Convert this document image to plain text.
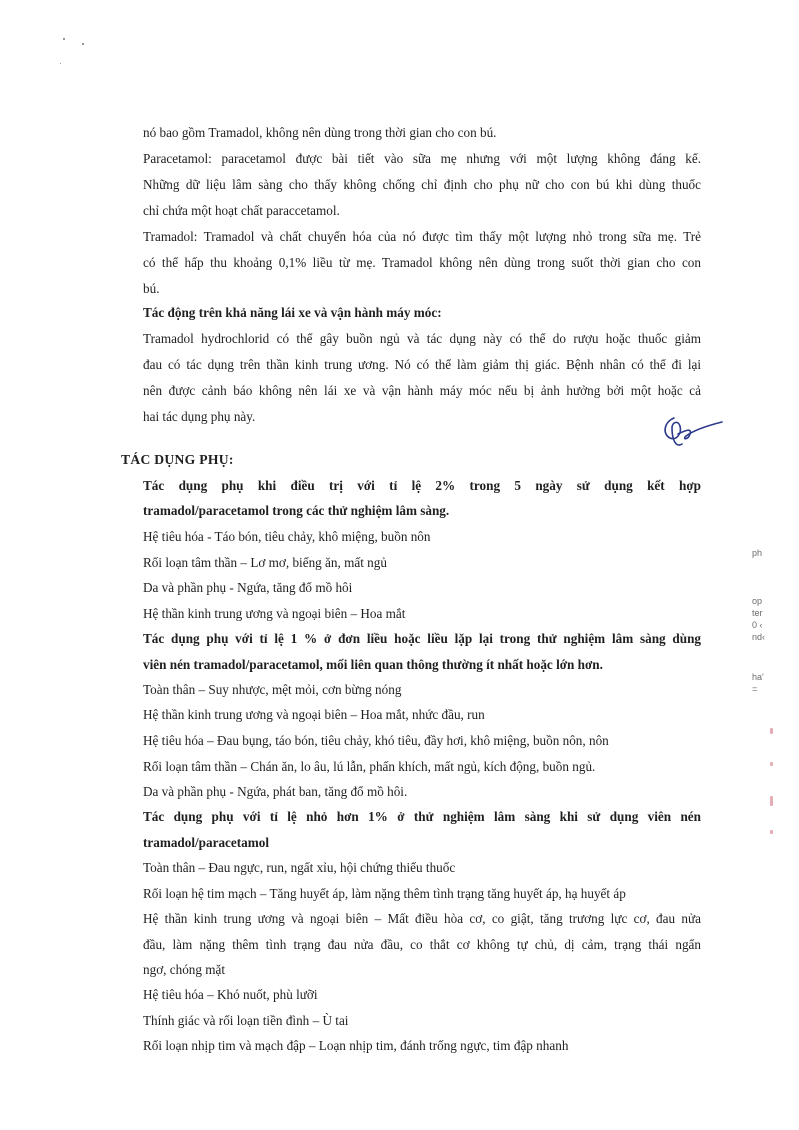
nó bao gồm Tramadol, không nên dùng trong thời gian cho con bú.
Paracetamol: paracetamol được bài tiết vào sữa mẹ nhưng với một lượng không đáng kể.
Những dữ liệu lâm sàng cho thấy không chống chỉ định cho phụ nữ cho con bú khi dùng thuốc
chỉ chứa một hoạt chất paraccetamol.
Tramadol: Tramadol và chất chuyển hóa của nó được tìm thấy một lượng nhỏ trong sữa mẹ. Trẻ
có thể hấp thu khoảng 0,1% liều từ mẹ. Tramadol không nên dùng trong suốt thời gian cho con
bú.
Tác động trên khả năng lái xe và vận hành máy móc:
Tramadol hydrochlorid có thể gây buồn ngủ và tác dụng này có thể do rượu hoặc thuốc giảm
đau có tác dụng trên thần kinh trung ương. Nó có thể làm giảm thị giác. Bệnh nhân có thể đi lại
nên được cảnh báo không nên lái xe và vận hành máy móc nếu bị ảnh hưởng bởi một hoặc cả
hai tác dụng phụ này.
TÁC DỤNG PHỤ:
Tác dụng phụ khi điều trị với tỉ lệ 2% trong 5 ngày sử dụng kết hợp
tramadol/paracetamol trong các thử nghiệm lâm sàng.
Hệ tiêu hóa - Táo bón, tiêu chảy, khô miệng, buồn nôn
Rối loạn tâm thần – Lơ mơ, biếng ăn, mất ngủ
Da và phần phụ - Ngứa, tăng đổ mồ hôi
Hệ thần kinh trung ương và ngoại biên – Hoa mắt
Tác dụng phụ với tỉ lệ 1 % ở đơn liều hoặc liều lặp lại trong thử nghiệm lâm sàng dùng
viên nén tramadol/paracetamol, mối liên quan thông thường ít nhất hoặc lớn hơn.
Toàn thân – Suy nhược, mệt mỏi, cơn bừng nóng
Hệ thần kinh trung ương và ngoại biên – Hoa mắt, nhức đầu, run
Hệ tiêu hóa – Đau bụng, táo bón, tiêu chảy, khó tiêu, đầy hơi, khô miệng, buồn nôn, nôn
Rối loạn tâm thần – Chán ăn, lo âu, lú lẫn, phấn khích, mất ngủ, kích động, buồn ngủ.
Da và phần phụ - Ngứa, phát ban, tăng đổ mồ hôi.
Tác dụng phụ với tỉ lệ nhỏ hơn 1% ở thử nghiệm lâm sàng khi sử dụng viên nén
tramadol/paracetamol
Toàn thân – Đau ngực, run, ngất xỉu, hội chứng thiếu thuốc
Rối loạn hệ tim mạch – Tăng huyết áp, làm nặng thêm tình trạng tăng huyết áp, hạ huyết áp
Hệ thần kinh trung ương và ngoại biên – Mất điều hòa cơ, co giật, tăng trương lực cơ, đau nửa
đầu, làm nặng thêm tình trạng đau nửa đầu, co thắt cơ không tự chủ, dị cảm, trạng thái ngẩn
ngơ, chóng mặt
Hệ tiêu hóa – Khó nuốt, phù lưỡi
Thính giác và rối loạn tiền đình – Ù tai
Rối loạn nhịp tim và mạch đập – Loạn nhịp tim, đánh trống ngực, tim đập nhanh
ph
op
ter
0 ‹
nd‹
ha'
=
